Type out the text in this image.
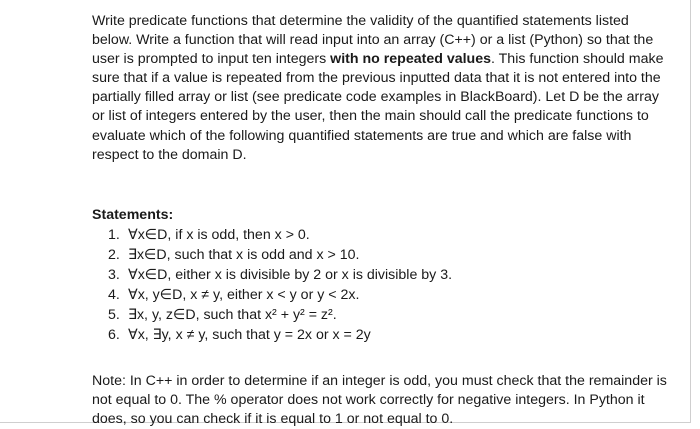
Write predicate functions that determine the validity of the quantified statements listed below. Write a function that will read input into an array (C++) or a list (Python) so that the user is prompted to input ten integers with no repeated values. This function should make sure that if a value is repeated from the previous inputted data that it is not entered into the partially filled array or list (see predicate code examples in BlackBoard). Let D be the array or list of integers entered by the user, then the main should call the predicate functions to evaluate which of the following quantified statements are true and which are false with respect to the domain D.

Statements:

1. ∀x∈D, if x is odd, then x > 0.
2. ∃x∈D, such that x is odd and x > 10.
3. ∀x∈D, either x is divisible by 2 or x is divisible by 3.
4. ∀x, y∈D, x ≠ y, either x < y or y < 2x.
5. ∃x, y, z∈D, such that x² + y² = z².
6. ∀x, ∃y, x ≠ y, such that y = 2x or x = 2y

Note: In C++ in order to determine if an integer is odd, you must check that the remainder is not equal to 0. The % operator does not work correctly for negative integers. In Python it does, so you can check if it is equal to 1 or not equal to 0.
